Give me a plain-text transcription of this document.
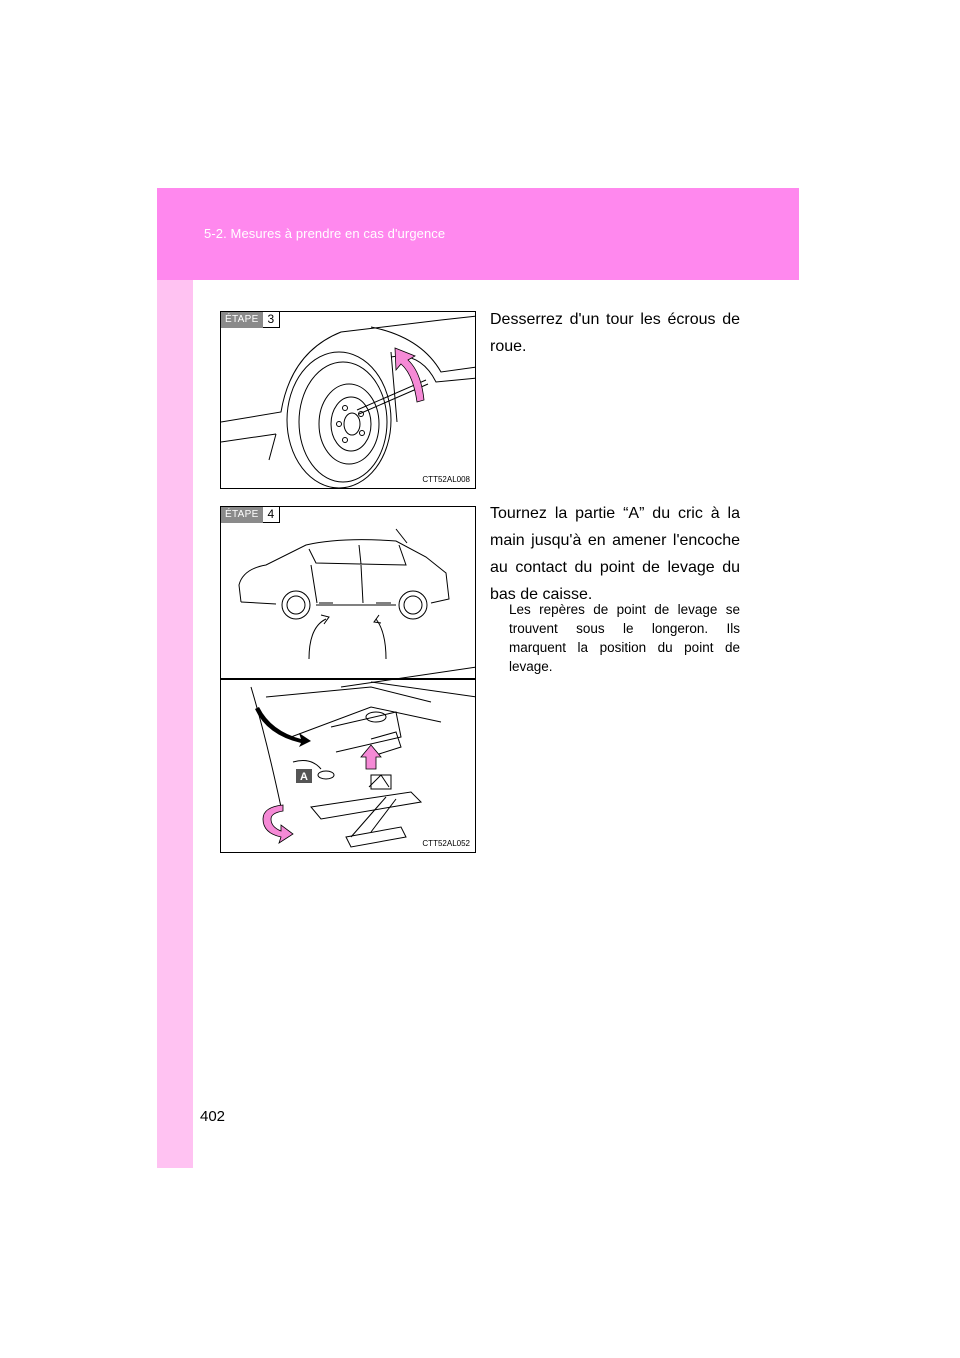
5-2. Mesures à prendre en cas d'urgence
ÉTAPE 3
CTT52AL008
Desserrez d'un tour les écrous de roue.
A
ÉTAPE 4
CTT52AL052
Tournez la partie “A” du cric à la main jusqu'à en amener l'encoche au contact du point de levage du bas de caisse.
Les repères de point de levage se trouvent sous le longeron. Ils marquent la position du point de levage.
402
